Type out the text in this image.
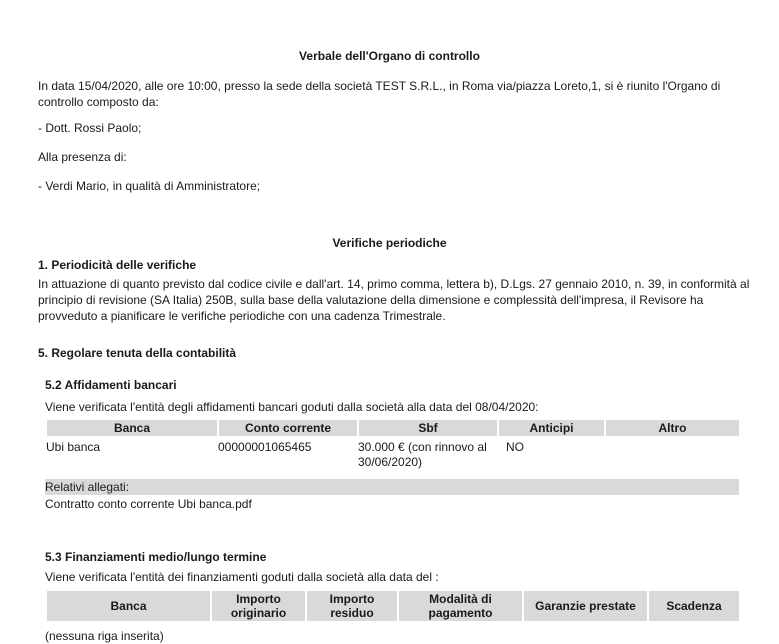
Verbale dell'Organo di controllo
In data 15/04/2020, alle ore 10:00, presso la sede della società TEST S.R.L., in Roma via/piazza Loreto,1, si è riunito l'Organo di controllo composto da:
- Dott. Rossi Paolo;
Alla presenza di:
- Verdi Mario, in qualità di Amministratore;
Verifiche periodiche
1. Periodicità delle verifiche
In attuazione di quanto previsto dal codice civile e dall'art. 14, primo comma, lettera b), D.Lgs. 27 gennaio 2010, n. 39, in conformità al principio di revisione (SA Italia) 250B, sulla base della valutazione della dimensione e complessità dell'impresa, il Revisore ha provveduto a pianificare le verifiche periodiche con una cadenza Trimestrale.
5. Regolare tenuta della contabilità
5.2 Affidamenti bancari
Viene verificata l'entità degli affidamenti bancari goduti dalla società alla data del 08/04/2020:
Banca	Conto corrente	Sbf	Anticipi	Altro
Ubi banca	00000001065465	30.000 € (con rinnovo al 30/06/2020)	NO	
Relativi allegati:
Contratto conto corrente Ubi banca.pdf
5.3 Finanziamenti medio/lungo termine
Viene verificata l'entità dei finanziamenti goduti dalla società alla data del :
Banca	Importo originario	Importo residuo	Modalità di pagamento	Garanzie prestate	Scadenza
(nessuna riga inserita)
